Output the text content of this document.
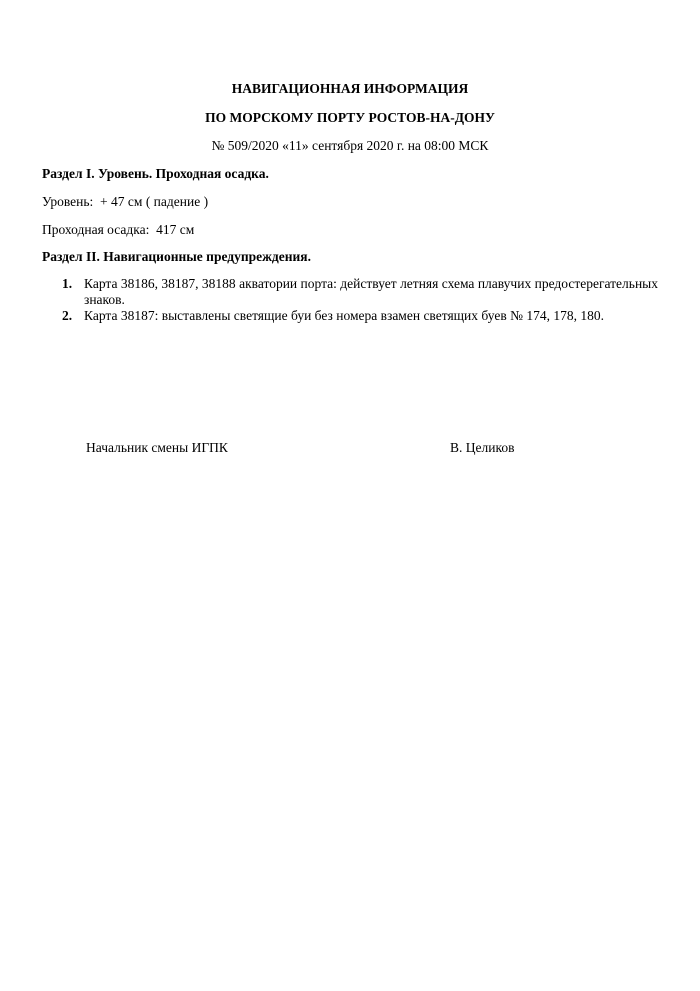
НАВИГАЦИОННАЯ ИНФОРМАЦИЯ
ПО МОРСКОМУ ПОРТУ РОСТОВ-НА-ДОНУ
№ 509/2020 «11» сентября 2020 г. на 08:00 МСК
Раздел I. Уровень. Проходная осадка.
Уровень:  + 47 см ( падение )
Проходная осадка:  417 см
Раздел II. Навигационные предупреждения.
1. Карта 38186, 38187, 38188 акватории порта: действует летняя схема плавучих предостерегательных знаков.
2. Карта 38187: выставлены светящие буи без номера взамен светящих буев № 174, 178, 180.
Начальник смены ИГПК	В. Целиков
